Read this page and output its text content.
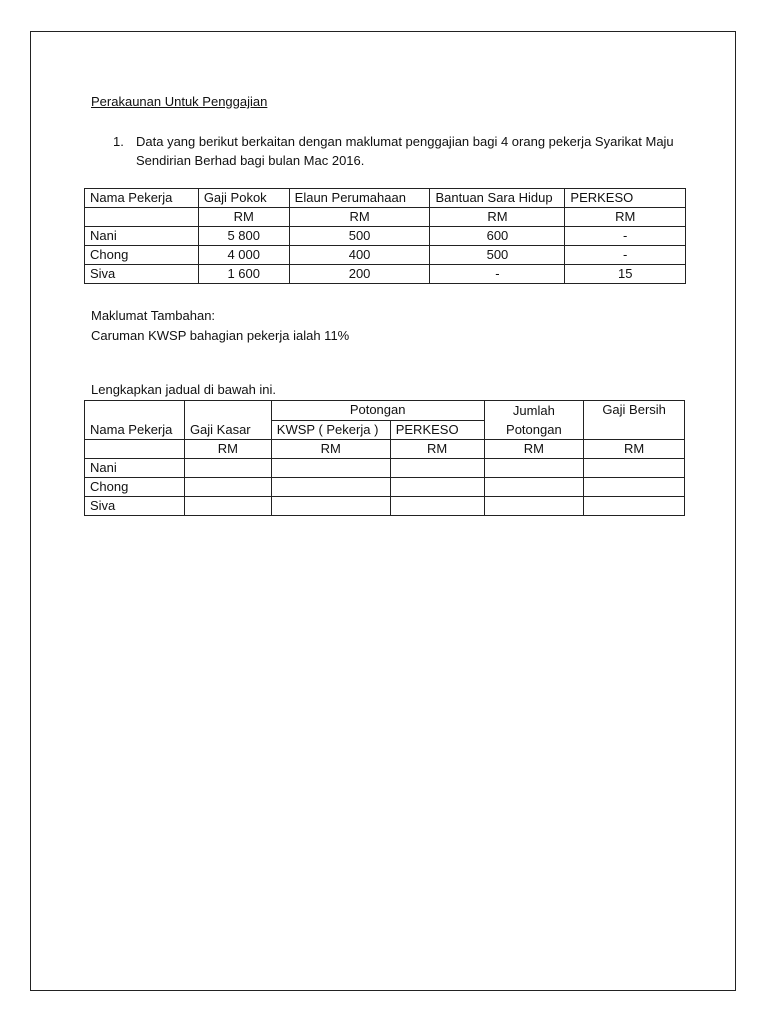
Perakaunan Untuk Penggajian
1. Data yang berikut berkaitan dengan maklumat penggajian bagi 4 orang pekerja Syarikat Maju Sendirian Berhad bagi bulan Mac 2016.
Nama Pekerja	Gaji Pokok	Elaun Perumahaan	Bantuan Sara Hidup	PERKESO
	RM	RM	RM	RM
Nani	5 800	500	600	-
Chong	4 000	400	500	-
Siva	1 600	200	-	15
Maklumat Tambahan:
Caruman KWSP bahagian pekerja ialah 11%
Lengkapkan jadual di bawah ini.
Nama Pekerja	Gaji Kasar	Potongan		Jumlah Potongan	Gaji Bersih
		KWSP ( Pekerja )	PERKESO		
	RM	RM	RM	RM	RM
Nani					
Chong					
Siva					
